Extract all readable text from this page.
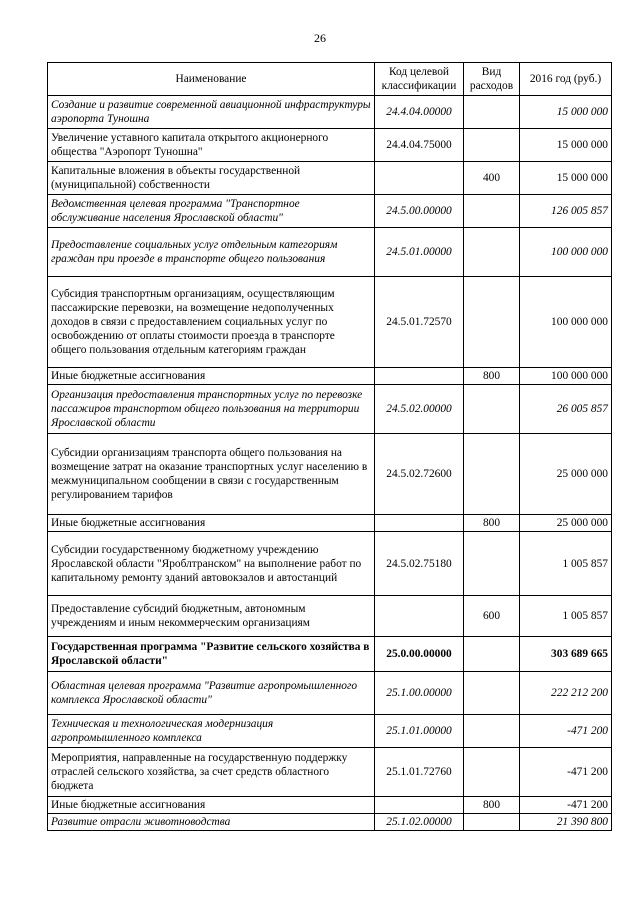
26
Наименование	Код целевой классификации	Вид расходов	2016 год (руб.)
Создание и развитие современной авиационной инфраструктуры аэропорта Туношна	24.4.04.00000		15 000 000
Увеличение уставного капитала открытого акционерного общества "Аэропорт Туношна"	24.4.04.75000		15 000 000
Капитальные вложения в объекты государственной (муниципальной) собственности		400	15 000 000
Ведомственная целевая программа "Транспортное обслуживание населения Ярославской области"	24.5.00.00000		126 005 857
Предоставление социальных услуг отдельным категориям граждан при проезде в транспорте общего пользования	24.5.01.00000		100 000 000
Субсидия транспортным организациям, осуществляющим пассажирские перевозки, на возмещение недополученных доходов в связи с предоставлением социальных услуг по освобождению от оплаты стоимости проезда в транспорте общего пользования отдельным категориям граждан	24.5.01.72570		100 000 000
Иные бюджетные ассигнования		800	100 000 000
Организация предоставления транспортных услуг по перевозке пассажиров транспортом общего пользования на территории Ярославской области	24.5.02.00000		26 005 857
Субсидии организациям транспорта общего пользования на возмещение затрат на оказание транспортных услуг населению в межмуниципальном сообщении в связи с государственным регулированием тарифов	24.5.02.72600		25 000 000
Иные бюджетные ассигнования		800	25 000 000
Субсидии государственному бюджетному учреждению Ярославской области "Яроблтранском" на выполнение работ по капитальному ремонту зданий автовокзалов и автостанций	24.5.02.75180		1 005 857
Предоставление субсидий бюджетным, автономным учреждениям и иным некоммерческим организациям		600	1 005 857
Государственная программа "Развитие сельского хозяйства в Ярославской области"	25.0.00.00000		303 689 665
Областная целевая программа "Развитие агропромышленного комплекса Ярославской области"	25.1.00.00000		222 212 200
Техническая и технологическая модернизация агропромышленного комплекса	25.1.01.00000		-471 200
Мероприятия, направленные на государственную поддержку отраслей сельского хозяйства, за счет средств областного бюджета	25.1.01.72760		-471 200
Иные бюджетные ассигнования		800	-471 200
Развитие отрасли животноводства	25.1.02.00000		21 390 800
